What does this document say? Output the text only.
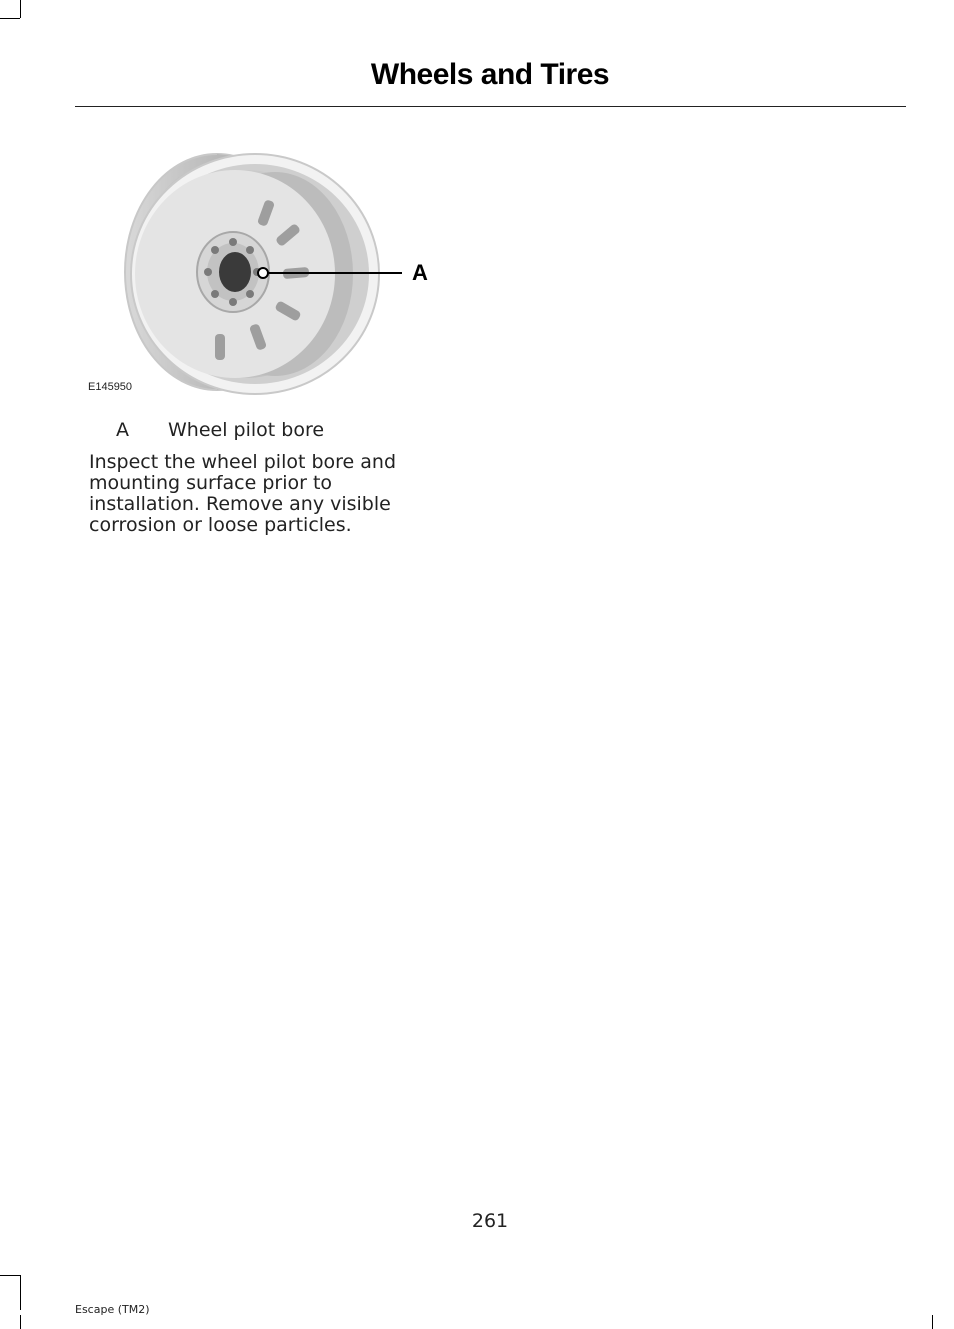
Wheels and Tires
A
E145950
A Wheel pilot bore
Inspect the wheel pilot bore and mounting surface prior to installation. Remove any visible corrosion or loose particles.
261
Escape (TM2)
